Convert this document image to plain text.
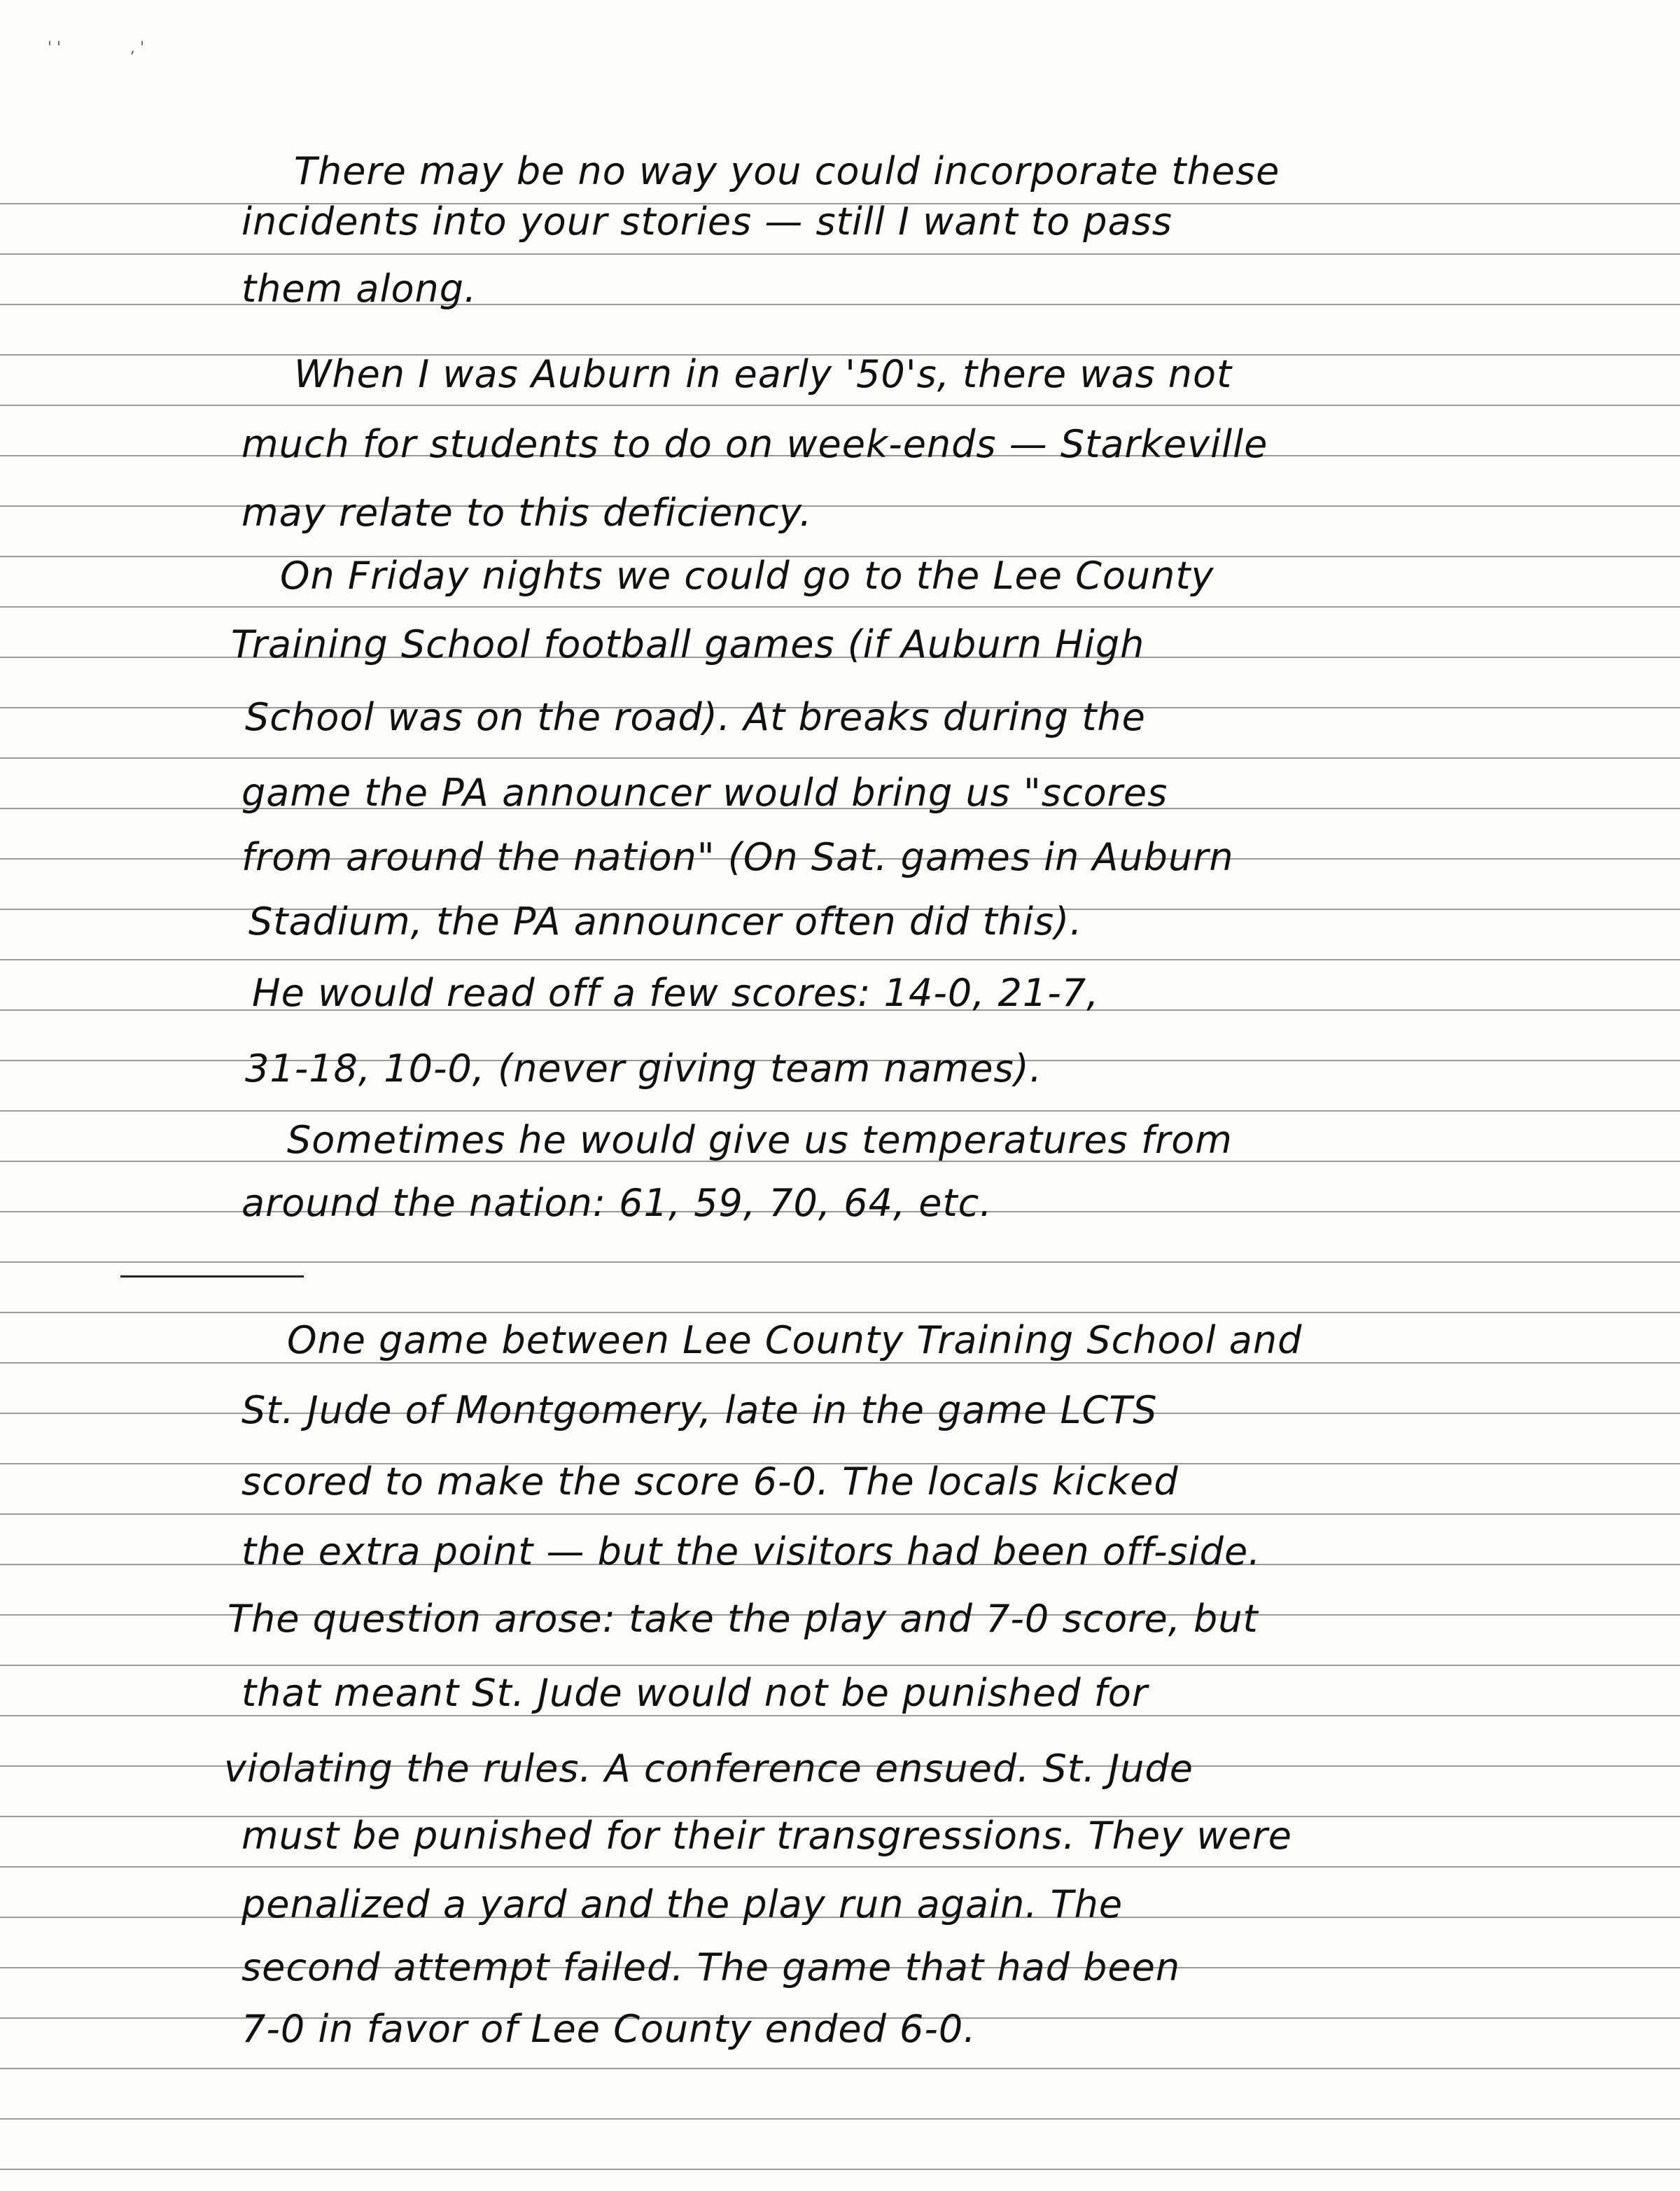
' '	, '
There may be no way you could incorporate these
incidents into your stories — still I want to pass
them along.
When I was Auburn in early '50's, there was not
much for students to do on week-ends — Starkeville
may relate to this deficiency.
On Friday nights we could go to the Lee County
Training School football games (if Auburn High
School was on the road). At breaks during the
game the PA announcer would bring us "scores
from around the nation" (On Sat. games in Auburn
Stadium, the PA announcer often did this).
He would read off a few scores: 14-0, 21-7,
31-18, 10-0, (never giving team names).
Sometimes he would give us temperatures from
around the nation: 61, 59, 70, 64, etc.
One game between Lee County Training School and
St. Jude of Montgomery, late in the game LCTS
scored to make the score 6-0. The locals kicked
the extra point — but the visitors had been off-side.
The question arose: take the play and 7-0 score, but
that meant St. Jude would not be punished for
violating the rules. A conference ensued. St. Jude
must be punished for their transgressions. They were
penalized a yard and the play run again. The
second attempt failed. The game that had been
7-0 in favor of Lee County ended 6-0.
